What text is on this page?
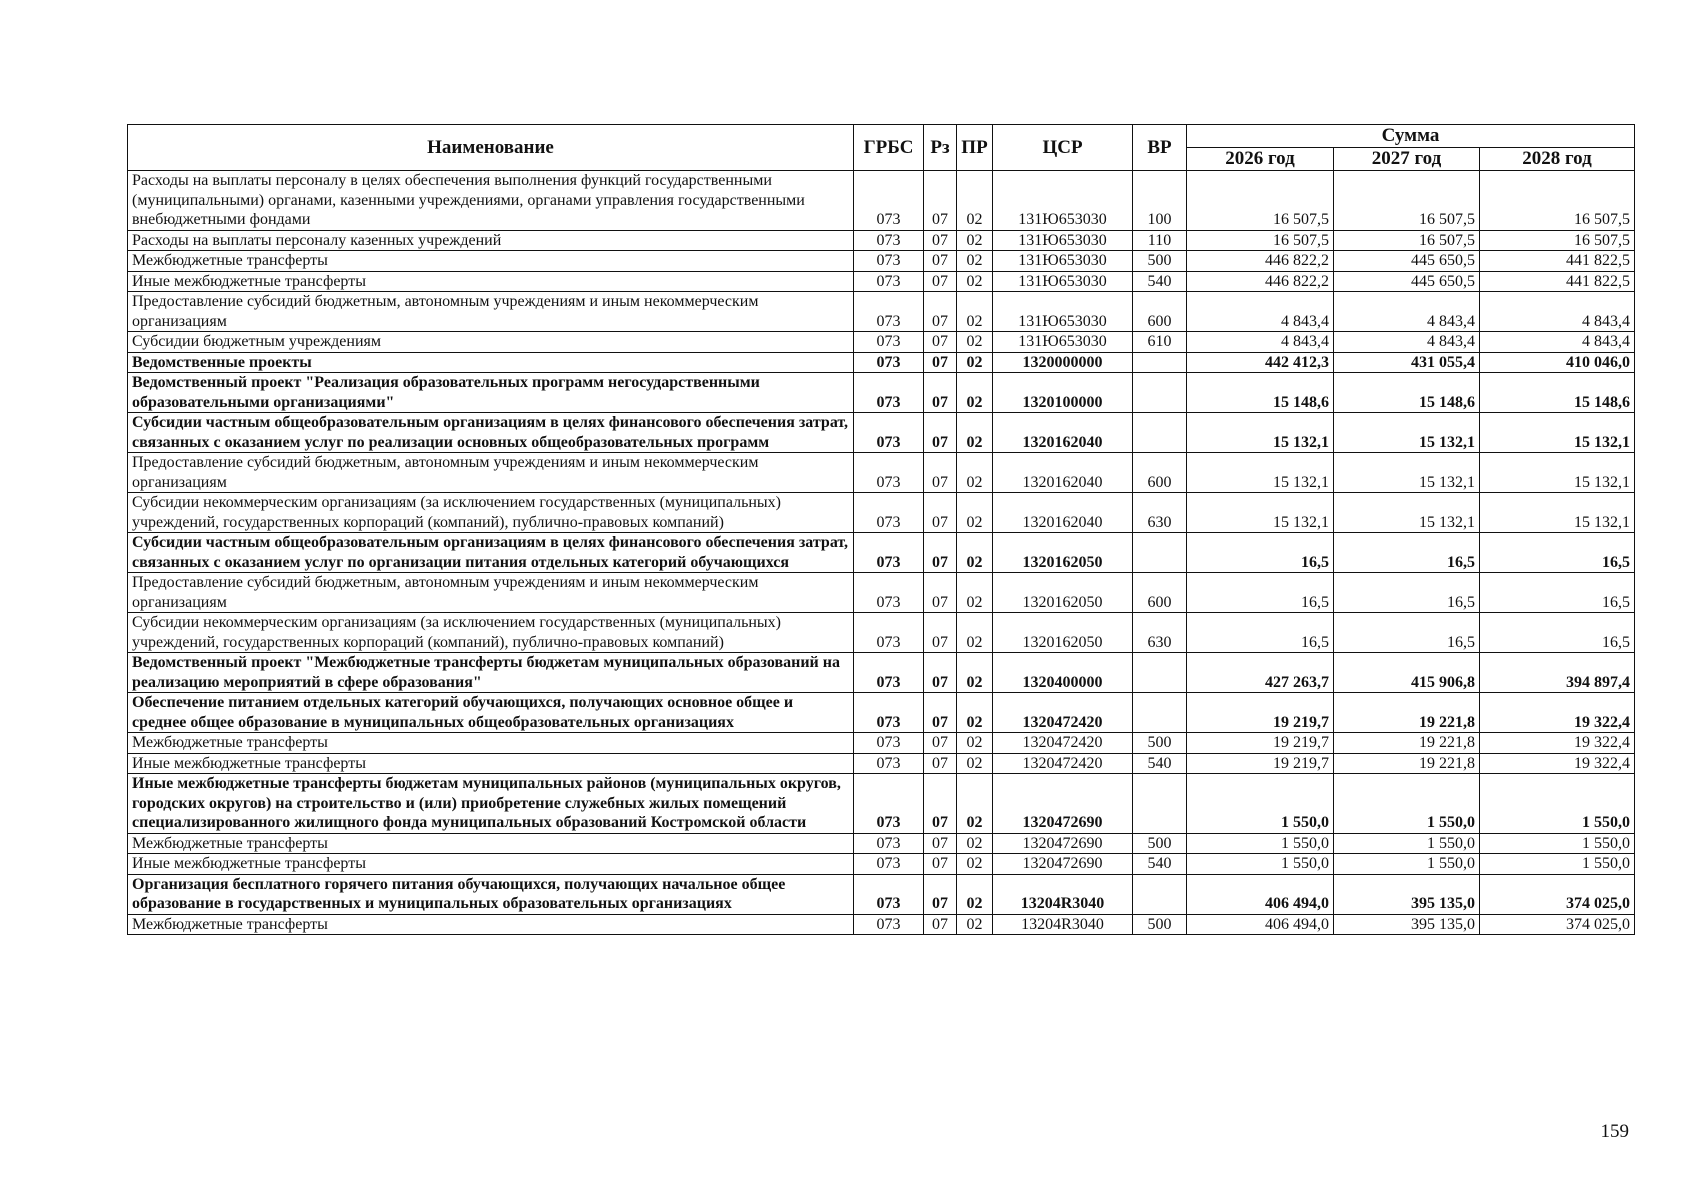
Наименование	ГРБС	Рз	ПР	ЦСР	ВР	Сумма		
						2026 год	2027 год	2028 год
Расходы на выплаты персоналу в целях обеспечения выполнения функций государственными (муниципальными) органами, казенными учреждениями, органами управления государственными внебюджетными фондами	073	07	02	131Ю653030	100	16 507,5	16 507,5	16 507,5
Расходы на выплаты персоналу казенных учреждений	073	07	02	131Ю653030	110	16 507,5	16 507,5	16 507,5
Межбюджетные трансферты	073	07	02	131Ю653030	500	446 822,2	445 650,5	441 822,5
Иные межбюджетные трансферты	073	07	02	131Ю653030	540	446 822,2	445 650,5	441 822,5
Предоставление субсидий бюджетным, автономным учреждениям и иным некоммерческим организациям	073	07	02	131Ю653030	600	4 843,4	4 843,4	4 843,4
Субсидии бюджетным учреждениям	073	07	02	131Ю653030	610	4 843,4	4 843,4	4 843,4
Ведомственные проекты	073	07	02	1320000000		442 412,3	431 055,4	410 046,0
Ведомственный проект "Реализация образовательных программ негосударственными образовательными организациями"	073	07	02	1320100000		15 148,6	15 148,6	15 148,6
Субсидии частным общеобразовательным организациям в целях финансового обеспечения затрат, связанных с оказанием услуг по реализации основных общеобразовательных программ	073	07	02	1320162040		15 132,1	15 132,1	15 132,1
Предоставление субсидий бюджетным, автономным учреждениям и иным некоммерческим организациям	073	07	02	1320162040	600	15 132,1	15 132,1	15 132,1
Субсидии некоммерческим организациям (за исключением государственных (муниципальных) учреждений, государственных корпораций (компаний), публично-правовых компаний)	073	07	02	1320162040	630	15 132,1	15 132,1	15 132,1
Субсидии частным общеобразовательным организациям в целях финансового обеспечения затрат, связанных с оказанием услуг по организации питания отдельных категорий обучающихся	073	07	02	1320162050		16,5	16,5	16,5
Предоставление субсидий бюджетным, автономным учреждениям и иным некоммерческим организациям	073	07	02	1320162050	600	16,5	16,5	16,5
Субсидии некоммерческим организациям (за исключением государственных (муниципальных) учреждений, государственных корпораций (компаний), публично-правовых компаний)	073	07	02	1320162050	630	16,5	16,5	16,5
Ведомственный проект "Межбюджетные трансферты бюджетам муниципальных образований на реализацию мероприятий в сфере образования"	073	07	02	1320400000		427 263,7	415 906,8	394 897,4
Обеспечение питанием отдельных категорий обучающихся, получающих основное общее и среднее общее образование в муниципальных общеобразовательных организациях	073	07	02	1320472420		19 219,7	19 221,8	19 322,4
Межбюджетные трансферты	073	07	02	1320472420	500	19 219,7	19 221,8	19 322,4
Иные межбюджетные трансферты	073	07	02	1320472420	540	19 219,7	19 221,8	19 322,4
Иные межбюджетные трансферты бюджетам муниципальных районов (муниципальных округов, городских округов) на строительство и (или) приобретение служебных жилых помещений специализированного жилищного фонда муниципальных образований Костромской области	073	07	02	1320472690		1 550,0	1 550,0	1 550,0
Межбюджетные трансферты	073	07	02	1320472690	500	1 550,0	1 550,0	1 550,0
Иные межбюджетные трансферты	073	07	02	1320472690	540	1 550,0	1 550,0	1 550,0
Организация бесплатного горячего питания обучающихся, получающих начальное общее образование в государственных и муниципальных образовательных организациях	073	07	02	13204R3040		406 494,0	395 135,0	374 025,0
Межбюджетные трансферты	073	07	02	13204R3040	500	406 494,0	395 135,0	374 025,0
159
